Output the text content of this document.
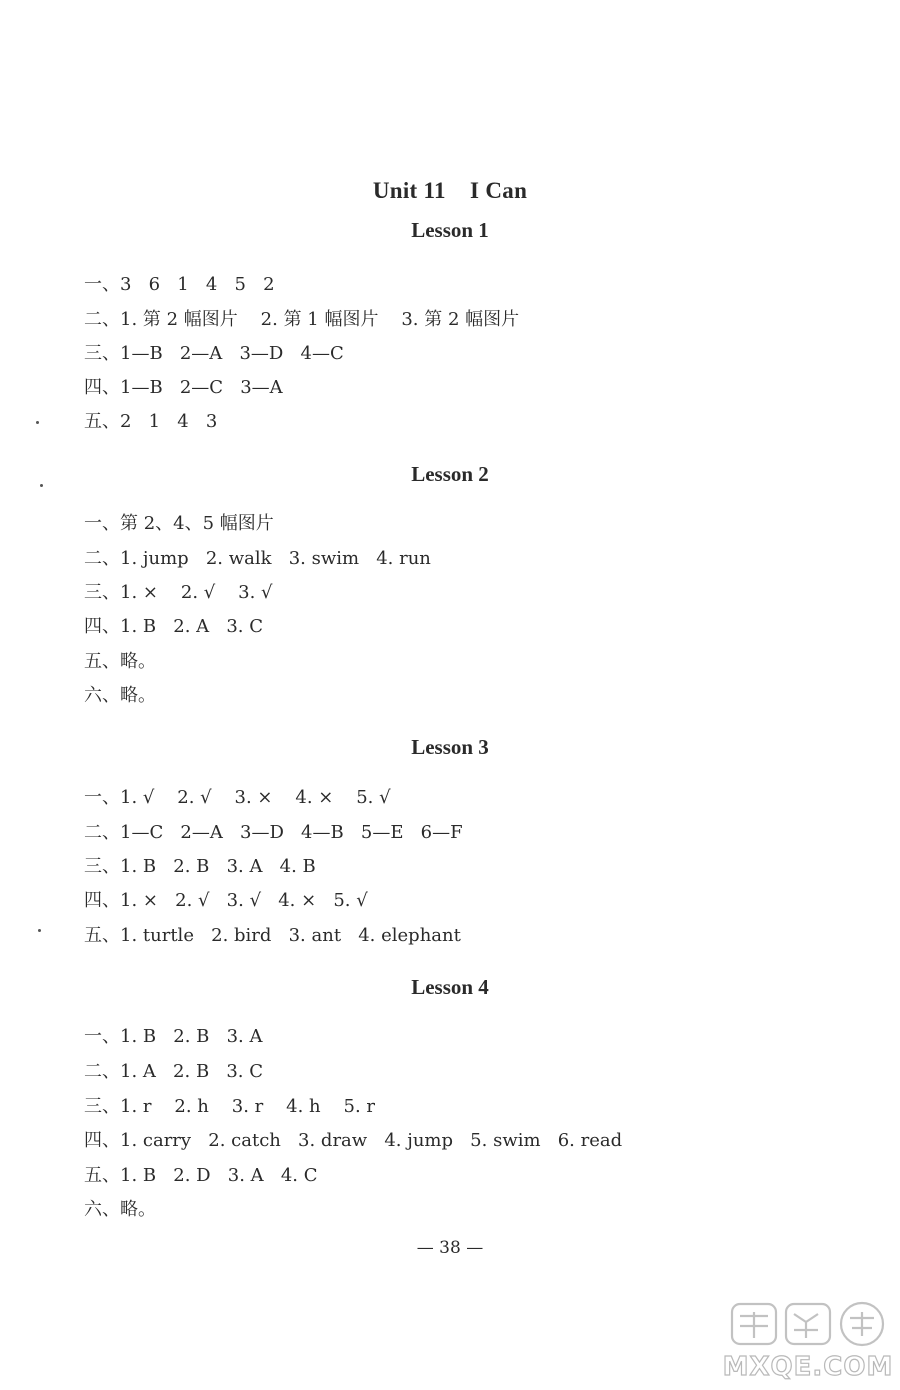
Unit 11    I Can
Lesson 1
一、3   6   1   4   5   2
二、1. 第 2 幅图片    2. 第 1 幅图片    3. 第 2 幅图片
三、1—B   2—A   3—D   4—C
四、1—B   2—C   3—A
五、2   1   4   3
Lesson 2
一、第 2、4、5 幅图片
二、1. jump   2. walk   3. swim   4. run
三、1. ×    2. √    3. √
四、1. B   2. A   3. C
五、略。
六、略。
Lesson 3
一、1. √    2. √    3. ×    4. ×    5. √
二、1—C   2—A   3—D   4—B   5—E   6—F
三、1. B   2. B   3. A   4. B
四、1. ×   2. √   3. √   4. ×   5. √
五、1. turtle   2. bird   3. ant   4. elephant
Lesson 4
一、1. B   2. B   3. A
二、1. A   2. B   3. C
三、1. r    2. h    3. r    4. h    5. r
四、1. carry   2. catch   3. draw   4. jump   5. swim   6. read
五、1. B   2. D   3. A   4. C
六、略。
— 38 —
MXQE.COM
